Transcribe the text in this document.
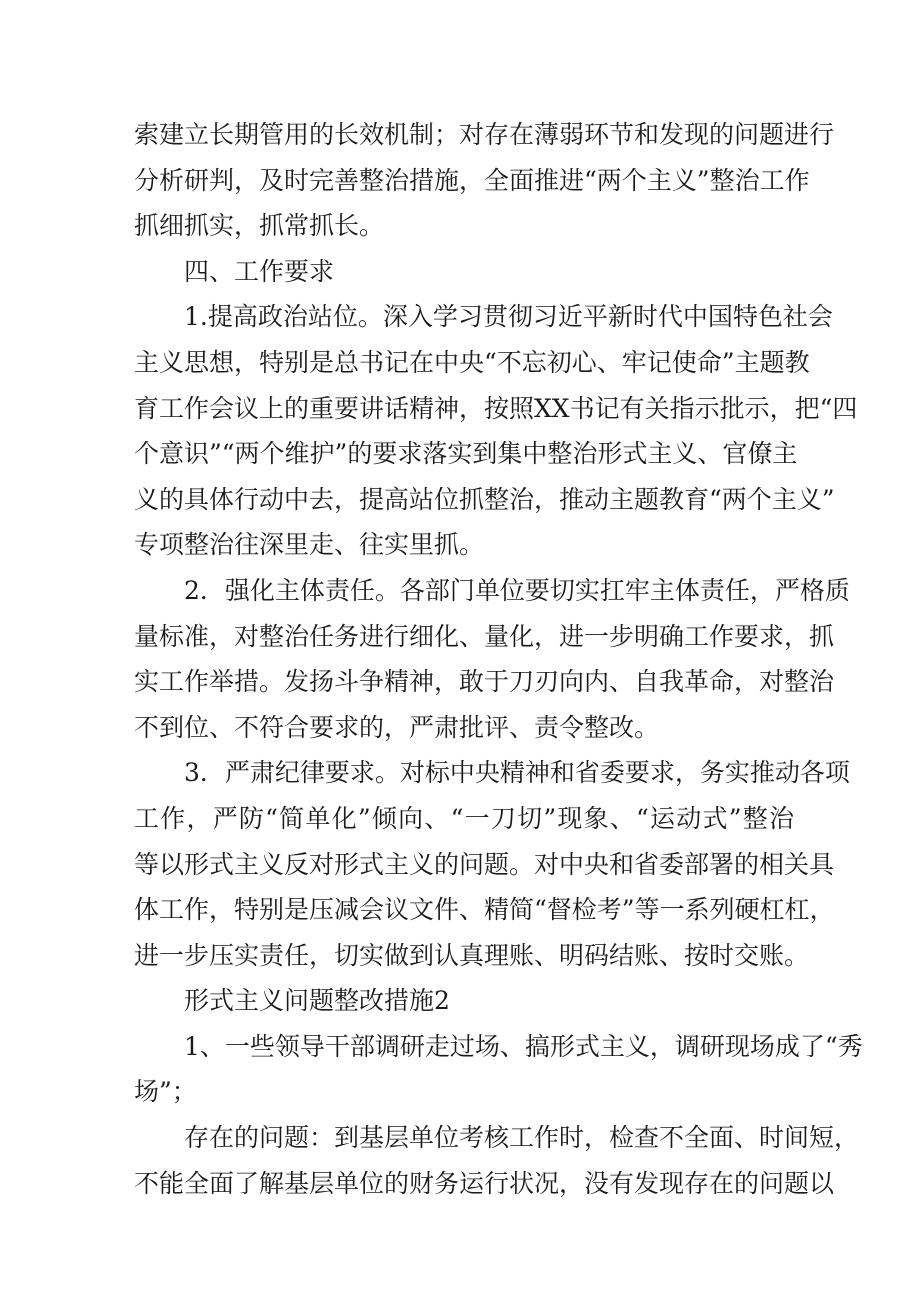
索建立长期管用的长效机制；对存在薄弱环节和发现的问题进行
分析研判，及时完善整治措施，全面推进“两个主义”整治工作
抓细抓实，抓常抓长。
四、工作要求
1.提高政治站位。深入学习贯彻习近平新时代中国特色社会
主义思想，特别是总书记在中央“不忘初心、牢记使命”主题教
育工作会议上的重要讲话精神，按照XX书记有关指示批示，把“四
个意识”“两个维护”的要求落实到集中整治形式主义、官僚主
义的具体行动中去，提高站位抓整治，推动主题教育“两个主义”
专项整治往深里走、往实里抓。
2．强化主体责任。各部门单位要切实扛牢主体责任，严格质
量标准，对整治任务进行细化、量化，进一步明确工作要求，抓
实工作举措。发扬斗争精神，敢于刀刃向内、自我革命，对整治
不到位、不符合要求的，严肃批评、责令整改。
3．严肃纪律要求。对标中央精神和省委要求，务实推动各项
工作，严防“简单化”倾向、“一刀切”现象、“运动式”整治
等以形式主义反对形式主义的问题。对中央和省委部署的相关具
体工作，特别是压减会议文件、精简“督检考”等一系列硬杠杠，
进一步压实责任，切实做到认真理账、明码结账、按时交账。
形式主义问题整改措施2
1、一些领导干部调研走过场、搞形式主义，调研现场成了“秀
场”；
存在的问题：到基层单位考核工作时，检查不全面、时间短，
不能全面了解基层单位的财务运行状况，没有发现存在的问题以
